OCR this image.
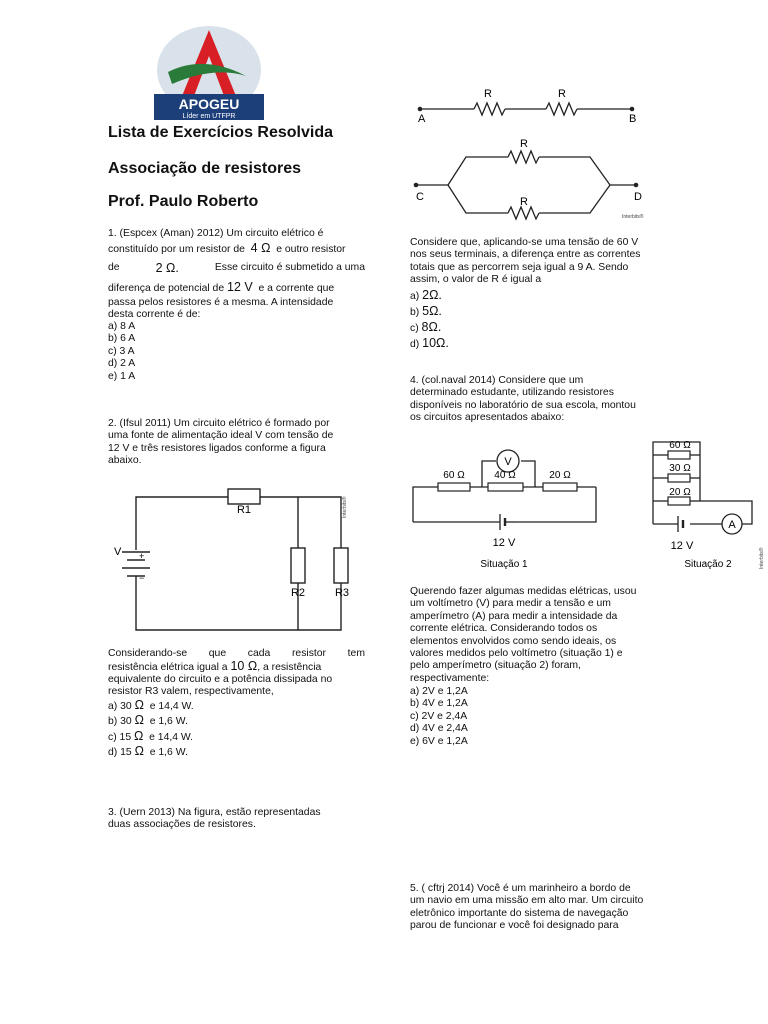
APOGEU
Líder em UTFPR
Lista de Exercícios Resolvida
Associação de resistores
Prof. Paulo Roberto
1. (Espcex (Aman) 2012) Um circuito elétrico é
constituído por um resistor de 4 Ω e outro resistor
de	2 Ω.	Esse circuito é submetido a uma
diferença de potencial de 12 V e a corrente que
passa pelos resistores é a mesma. A intensidade
desta corrente é de:
a) 8 A
b) 6 A
c) 3 A
d) 2 A
e) 1 A
2. (Ifsul 2011) Um circuito elétrico é formado por
uma fonte de alimentação ideal V com tensão de
12 V e três resistores ligados conforme a figura
abaixo.
R1
R2	R3
V +
−
Interbits®
Considerando-se que cada resistor tem
resistência elétrica igual a 10 Ω, a resistência
equivalente do circuito e a potência dissipada no
resistor R3 valem, respectivamente,
a) 30 Ω e 14,4 W.
b) 30 Ω e 1,6 W.
c) 15 Ω e 14,4 W.
d) 15 Ω e 1,6 W.
3. (Uern 2013) Na figura, estão representadas
duas associações de resistores.
R	R
R
R
A	B
C	D
Interbits®
Considere que, aplicando-se uma tensão de 60 V
nos seus terminais, a diferença entre as correntes
totais que as percorrem seja igual a 9 A. Sendo
assim, o valor de R é igual a
a) 2Ω.
b) 5Ω.
c) 8Ω.
d) 10Ω.
4. (col.naval 2014) Considere que um
determinado estudante, utilizando resistores
disponíveis no laboratório de sua escola, montou
os circuitos apresentados abaixo:
V
60 Ω	40 Ω	20 Ω
12 V
Situação 1
A
60 Ω
30 Ω
20 Ω
12 V
Situação 2	Interbits®
Querendo fazer algumas medidas elétricas, usou
um voltímetro (V) para medir a tensão e um
amperímetro (A) para medir a intensidade da
corrente elétrica. Considerando todos os
elementos envolvidos como sendo ideais, os
valores medidos pelo voltímetro (situação 1) e
pelo amperímetro (situação 2) foram,
respectivamente:
a) 2V e 1,2A
b) 4V e 1,2A
c) 2V e 2,4A
d) 4V e 2,4A
e) 6V e 1,2A
5. ( cftrj 2014) Você é um marinheiro a bordo de
um navio em uma missão em alto mar. Um circuito
eletrônico importante do sistema de navegação
parou de funcionar e você foi designado para
